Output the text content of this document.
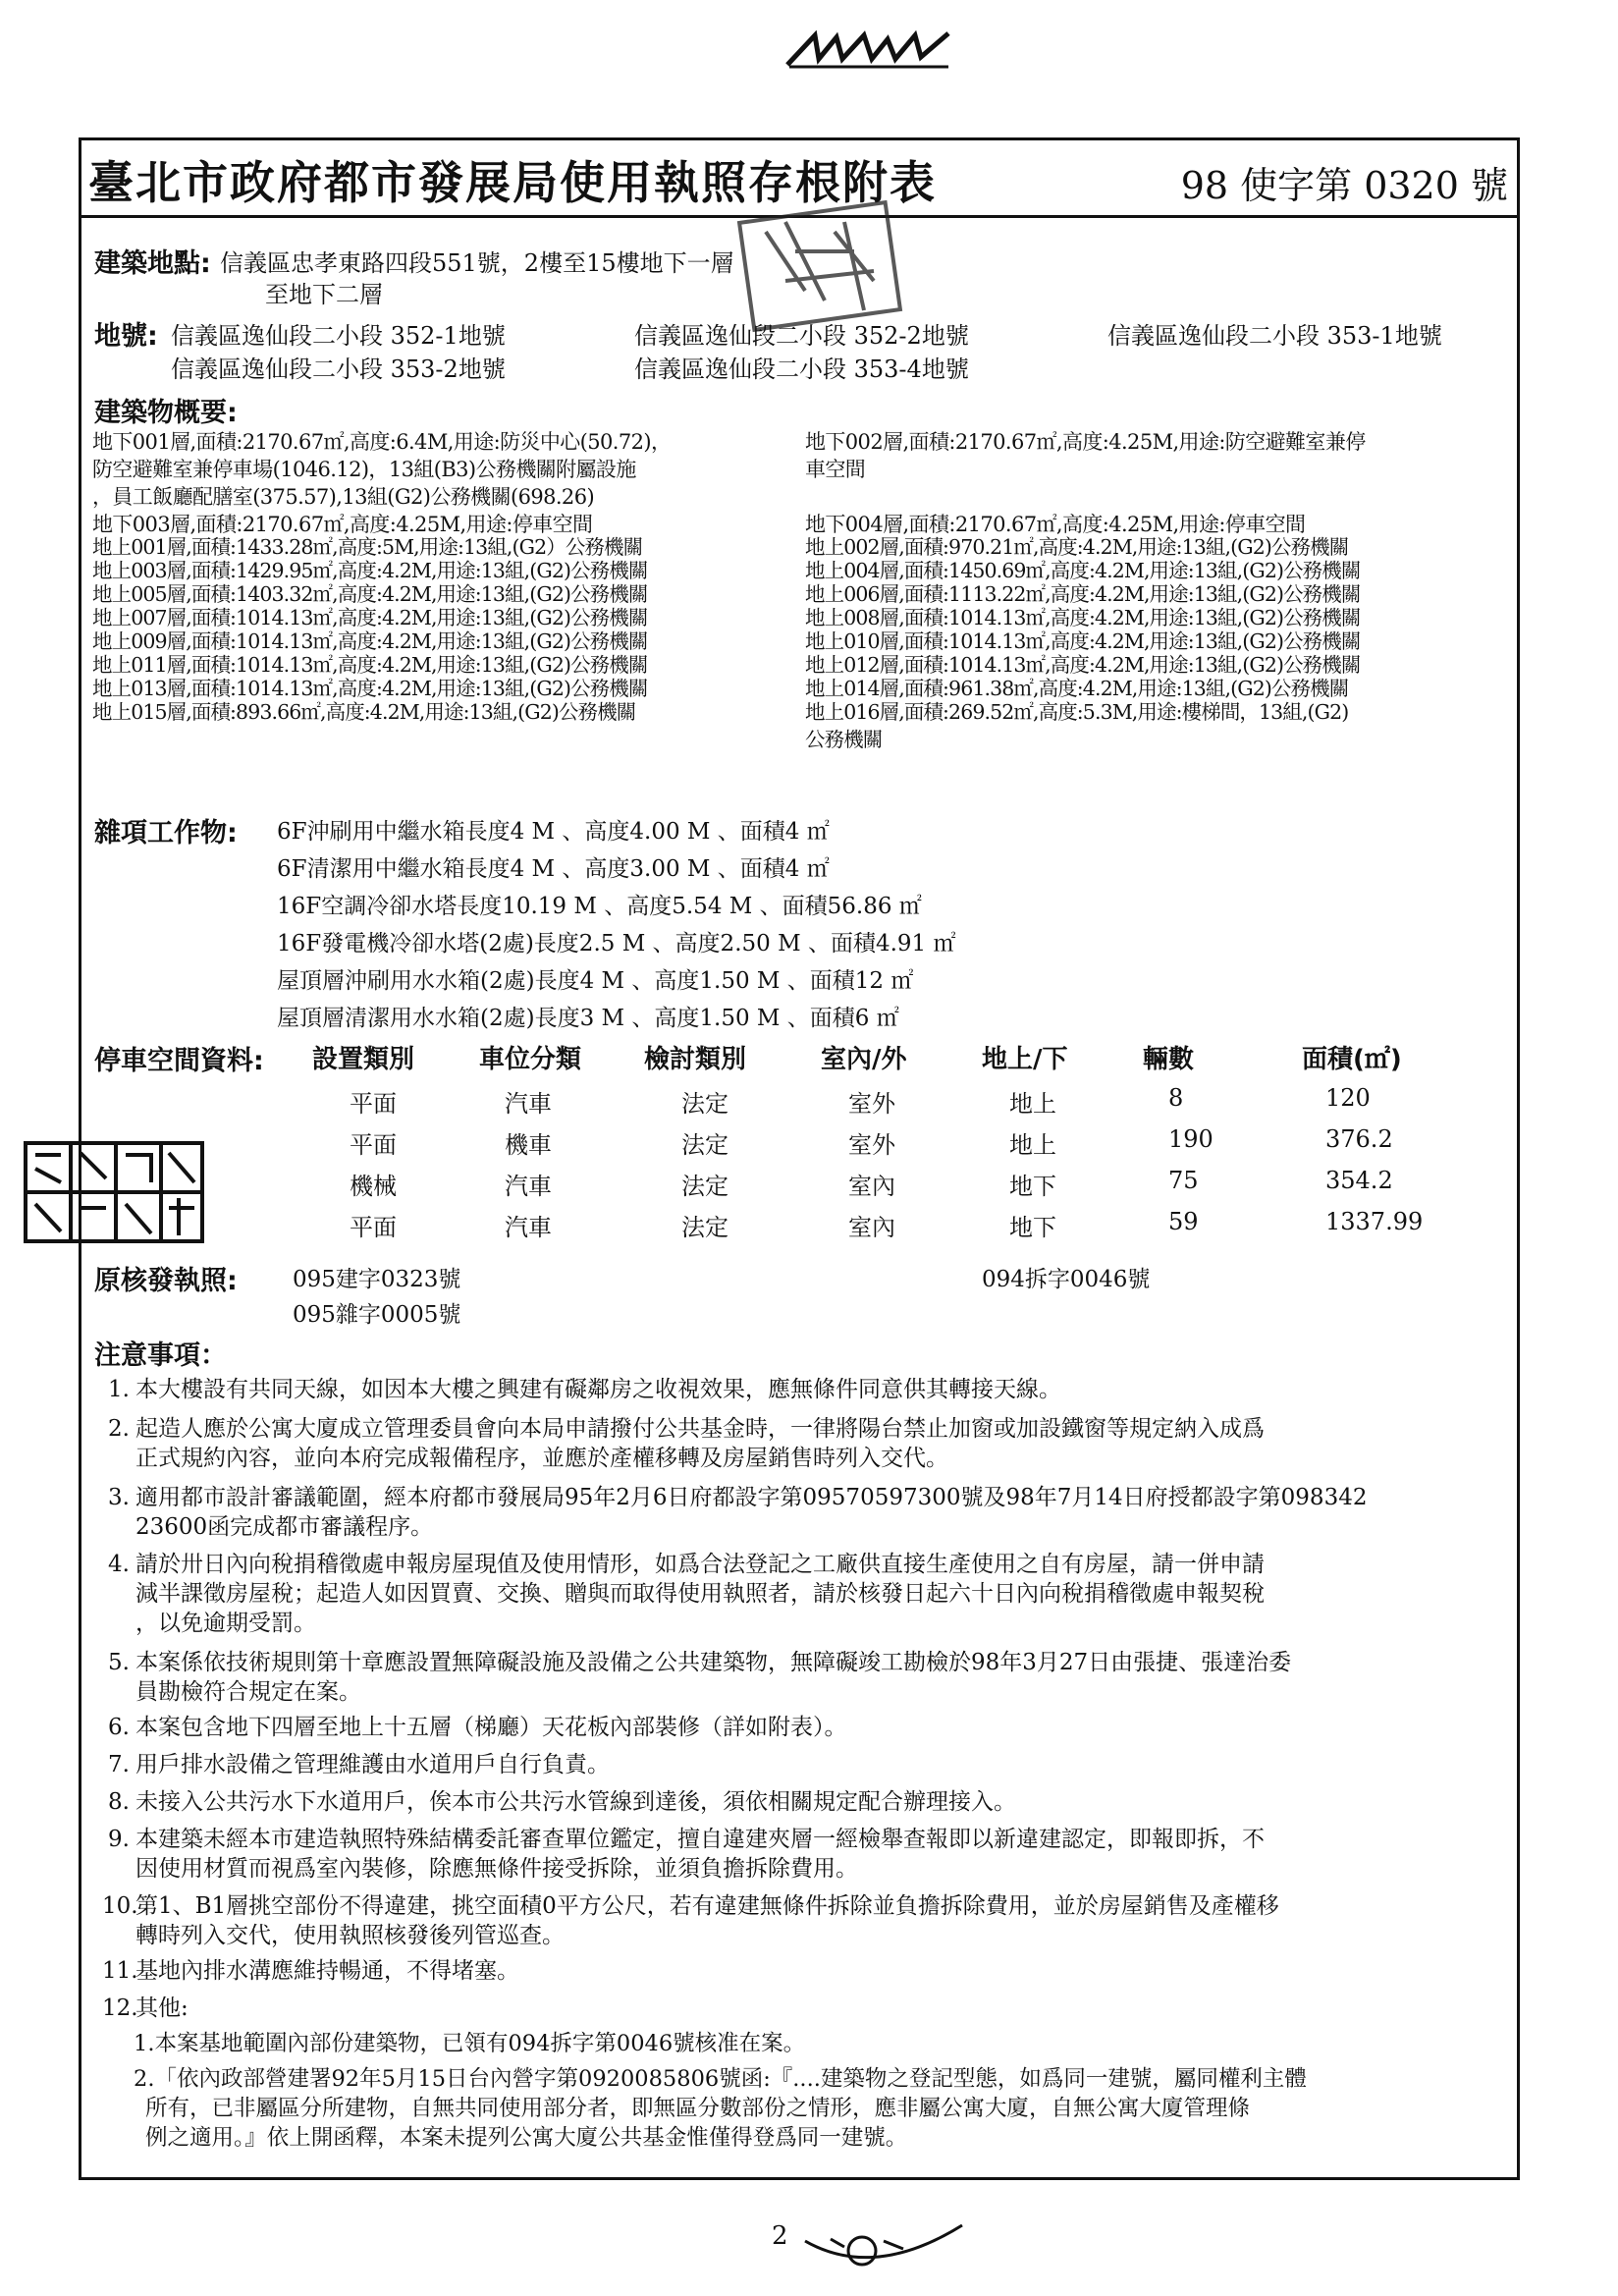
臺北市政府都市發展局使用執照存根附表	98 使字第 0320 號
建築地點: 信義區忠孝東路四段551號，2樓至15樓地下一層
至地下二層
地號: 信義區逸仙段二小段 352-1地號	信義區逸仙段二小段 352-2地號	信義區逸仙段二小段 353-1地號
信義區逸仙段二小段 353-2地號	信義區逸仙段二小段 353-4地號
建築物概要:
地下001層,面積:2170.67㎡,高度:6.4M,用途:防災中心(50.72)，
防空避難室兼停車場(1046.12)，13組(B3)公務機關附屬設施
，員工飯廳配膳室(375.57),13組(G2)公務機關(698.26)
地下002層,面積:2170.67㎡,高度:4.25M,用途:防空避難室兼停
車空間
地下003層,面積:2170.67㎡,高度:4.25M,用途:停車空間	地下004層,面積:2170.67㎡,高度:4.25M,用途:停車空間
地上001層,面積:1433.28㎡,高度:5M,用途:13組,(G2）公務機關
地上003層,面積:1429.95㎡,高度:4.2M,用途:13組,(G2)公務機關
地上005層,面積:1403.32㎡,高度:4.2M,用途:13組,(G2)公務機關
地上007層,面積:1014.13㎡,高度:4.2M,用途:13組,(G2)公務機關
地上009層,面積:1014.13㎡,高度:4.2M,用途:13組,(G2)公務機關
地上011層,面積:1014.13㎡,高度:4.2M,用途:13組,(G2)公務機關
地上013層,面積:1014.13㎡,高度:4.2M,用途:13組,(G2)公務機關
地上015層,面積:893.66㎡,高度:4.2M,用途:13組,(G2)公務機關
地上002層,面積:970.21㎡,高度:4.2M,用途:13組,(G2)公務機關
地上004層,面積:1450.69㎡,高度:4.2M,用途:13組,(G2)公務機關
地上006層,面積:1113.22㎡,高度:4.2M,用途:13組,(G2)公務機關
地上008層,面積:1014.13㎡,高度:4.2M,用途:13組,(G2)公務機關
地上010層,面積:1014.13㎡,高度:4.2M,用途:13組,(G2)公務機關
地上012層,面積:1014.13㎡,高度:4.2M,用途:13組,(G2)公務機關
地上014層,面積:961.38㎡,高度:4.2M,用途:13組,(G2)公務機關
地上016層,面積:269.52㎡,高度:5.3M,用途:樓梯間，13組,(G2)
公務機關
雜項工作物: 6F沖刷用中繼水箱長度4 M 、高度4.00 M 、面積4 ㎡
6F清潔用中繼水箱長度4 M 、高度3.00 M 、面積4 ㎡
16F空調冷卻水塔長度10.19 M 、高度5.54 M 、面積56.86 ㎡
16F發電機冷卻水塔(2處)長度2.5 M 、高度2.50 M 、面積4.91 ㎡
屋頂層沖刷用水水箱(2處)長度4 M 、高度1.50 M 、面積12 ㎡
屋頂層清潔用水水箱(2處)長度3 M 、高度1.50 M 、面積6 ㎡
停車空間資料: 設置類別	車位分類 檢討類別	室內/外	地上/下	輛數	面積(㎡)
平面	汽車	法定	室外	地上	8	120
平面	機車	法定	室外	地上	190	376.2
機械	汽車	法定	室內	地下	75	354.2
平面	汽車	法定	室內	地下	59	1337.99
原核發執照: 095建字0323號
095雜字0005號
094拆字0046號
注意事項：
1. 本大樓設有共同天線，如因本大樓之興建有礙鄰房之收視效果，應無條件同意供其轉接天線。
2. 起造人應於公寓大廈成立管理委員會向本局申請撥付公共基金時，一律將陽台禁止加窗或加設鐵窗等規定納入成爲
正式規約內容，並向本府完成報備程序，並應於產權移轉及房屋銷售時列入交代。
3. 適用都市設計審議範圍，經本府都市發展局95年2月6日府都設字第09570597300號及98年7月14日府授都設字第098342
23600函完成都市審議程序。
4. 請於卅日內向稅捐稽徵處申報房屋現值及使用情形，如爲合法登記之工廠供直接生產使用之自有房屋，請一併申請
減半課徵房屋稅；起造人如因買賣、交換、贈與而取得使用執照者，請於核發日起六十日內向稅捐稽徵處申報契稅
，以免逾期受罰。
5. 本案係依技術規則第十章應設置無障礙設施及設備之公共建築物，無障礙竣工勘檢於98年3月27日由張捷、張達治委
員勘檢符合規定在案。
6. 本案包含地下四層至地上十五層（梯廳）天花板內部裝修（詳如附表）。
7. 用戶排水設備之管理維護由水道用戶自行負責。
8. 未接入公共污水下水道用戶，俟本市公共污水管線到達後，須依相關規定配合辦理接入。
9. 本建築未經本市建造執照特殊結構委託審查單位鑑定，擅自違建夾層一經檢舉查報即以新違建認定，即報即拆，不
因使用材質而視爲室內裝修，除應無條件接受拆除，並須負擔拆除費用。
10.第1、B1層挑空部份不得違建，挑空面積0平方公尺，若有違建無條件拆除並負擔拆除費用，並於房屋銷售及產權移
轉時列入交代，使用執照核發後列管巡查。
11.基地內排水溝應維持暢通，不得堵塞。
12.其他:
1.本案基地範圍內部份建築物，已領有094拆字第0046號核准在案。
2.「依內政部營建署92年5月15日台內營字第0920085806號函:『....建築物之登記型態，如爲同一建號，屬同權利主體
所有，已非屬區分所建物，自無共同使用部分者，即無區分數部份之情形，應非屬公寓大廈，自無公寓大廈管理條
例之適用。』依上開函釋，本案未提列公寓大廈公共基金惟僅得登爲同一建號。
2
